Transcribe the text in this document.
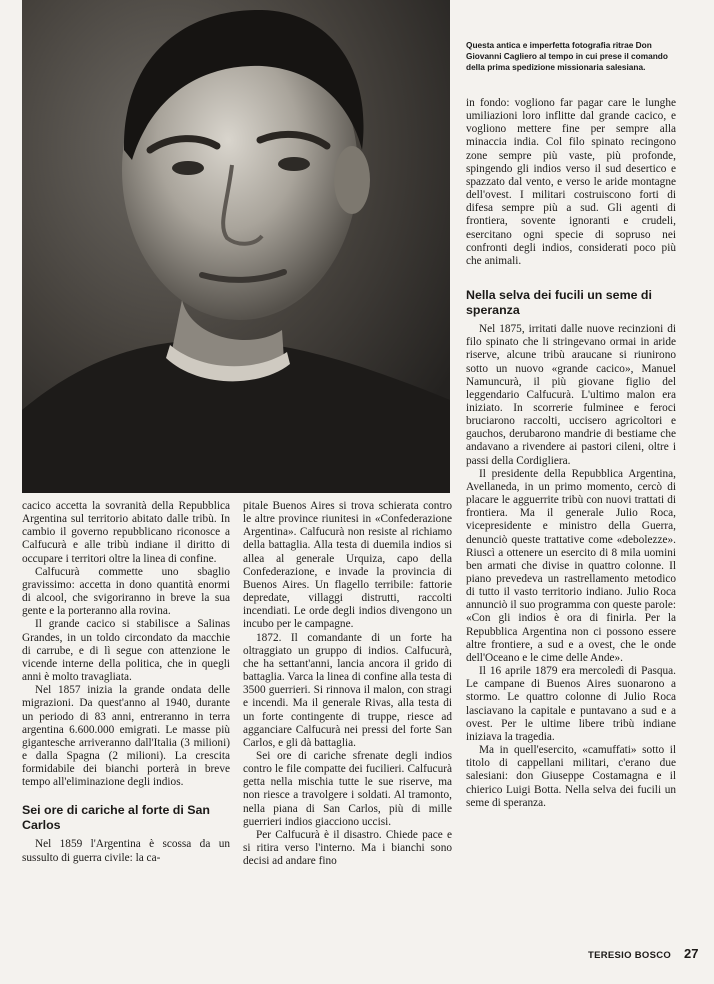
Questa antica e imperfetta fotografia ritrae Don Giovanni Cagliero al tempo in cui prese il comando della prima spedizione missionaria salesiana.

cacico accetta la sovranità della Repubblica Argentina sul territorio abitato dalle tribù. In cambio il governo repubblicano riconosce a Calfucurà e alle tribù indiane il diritto di occupare i territori oltre la linea di confine.

Calfucurà commette uno sbaglio gravissimo: accetta in dono quantità enormi di alcool, che svigoriranno in breve la sua gente e la porteranno alla rovina.

Il grande cacico si stabilisce a Salinas Grandes, in un toldo circondato da macchie di carrube, e di lì segue con attenzione le vicende interne della politica, che in quegli anni è molto travagliata.

Nel 1857 inizia la grande ondata delle migrazioni. Da quest'anno al 1940, durante un periodo di 83 anni, entreranno in terra argentina 6.600.000 emigrati. Le masse più gigantesche arriveranno dall'Italia (3 milioni) e dalla Spagna (2 milioni). La crescita formidabile dei bianchi porterà in breve tempo all'eliminazione degli indios.

Sei ore di cariche al forte di San Carlos

Nel 1859 l'Argentina è scossa da un sussulto di guerra civile: la ca-

pitale Buenos Aires si trova schierata contro le altre province riunitesi in «Confederazione Argentina». Calfucurà non resiste al richiamo della battaglia. Alla testa di duemila indios si allea al generale Urquiza, capo della Confederazione, e invade la provincia di Buenos Aires. Un flagello terribile: fattorie depredate, villaggi distrutti, raccolti incendiati. Le orde degli indios divengono un incubo per le campagne.

1872. Il comandante di un forte ha oltraggiato un gruppo di indios. Calfucurà, che ha settant'anni, lancia ancora il grido di battaglia. Varca la linea di confine alla testa di 3500 guerrieri. Si rinnova il malon, con stragi e incendi. Ma il generale Rivas, alla testa di un forte contingente di truppe, riesce ad agganciare Calfucurà nei pressi del forte San Carlos, e gli dà battaglia.

Sei ore di cariche sfrenate degli indios contro le file compatte dei fucilieri. Calfucurà getta nella mischia tutte le sue riserve, ma non riesce a travolgere i soldati. Al tramonto, nella piana di San Carlos, più di mille guerrieri indios giacciono uccisi.

Per Calfucurà è il disastro. Chiede pace e si ritira verso l'interno. Ma i bianchi sono decisi ad andare fino

in fondo: vogliono far pagar care le lunghe umiliazioni loro inflitte dal grande cacico, e vogliono mettere fine per sempre alla minaccia india. Col filo spinato recingono zone sempre più vaste, più profonde, spingendo gli indios verso il sud desertico e spazzato dal vento, e verso le aride montagne dell'ovest. I militari costruiscono forti di difesa sempre più a sud. Gli agenti di frontiera, sovente ignoranti e crudeli, esercitano ogni specie di sopruso nei confronti degli indios, considerati poco più che animali.

Nella selva dei fucili un seme di speranza

Nel 1875, irritati dalle nuove recinzioni di filo spinato che li stringevano ormai in aride riserve, alcune tribù araucane si riunirono sotto un nuovo «grande cacico», Manuel Namuncurà, il più giovane figlio del leggendario Calfucurà. L'ultimo malon era iniziato. In scorrerie fulminee e feroci bruciarono raccolti, uccisero agricoltori e gauchos, derubarono mandrie di bestiame che andavano a rivendere ai pastori cileni, oltre i passi della Cordigliera.

Il presidente della Repubblica Argentina, Avellaneda, in un primo momento, cercò di placare le agguerrite tribù con nuovi trattati di frontiera. Ma il generale Julio Roca, vicepresidente e ministro della Guerra, denunciò queste trattative come «debolezze». Riuscì a ottenere un esercito di 8 mila uomini ben armati che divise in quattro colonne. Il piano prevedeva un rastrellamento metodico di tutto il vasto territorio indiano. Julio Roca annunciò il suo programma con queste parole: «Con gli indios è ora di finirla. Per la Repubblica Argentina non ci possono essere altre frontiere, a sud e a ovest, che le onde dell'Oceano e le cime delle Ande».

Il 16 aprile 1879 era mercoledì di Pasqua. Le campane di Buenos Aires suonarono a stormo. Le quattro colonne di Julio Roca lasciavano la capitale e puntavano a sud e a ovest. Per le ultime libere tribù indiane iniziava la tragedia.

Ma in quell'esercito, «camuffati» sotto il titolo di cappellani militari, c'erano due salesiani: don Giuseppe Costamagna e il chierico Luigi Botta. Nella selva dei fucili un seme di speranza.

TERESIO BOSCO 27
